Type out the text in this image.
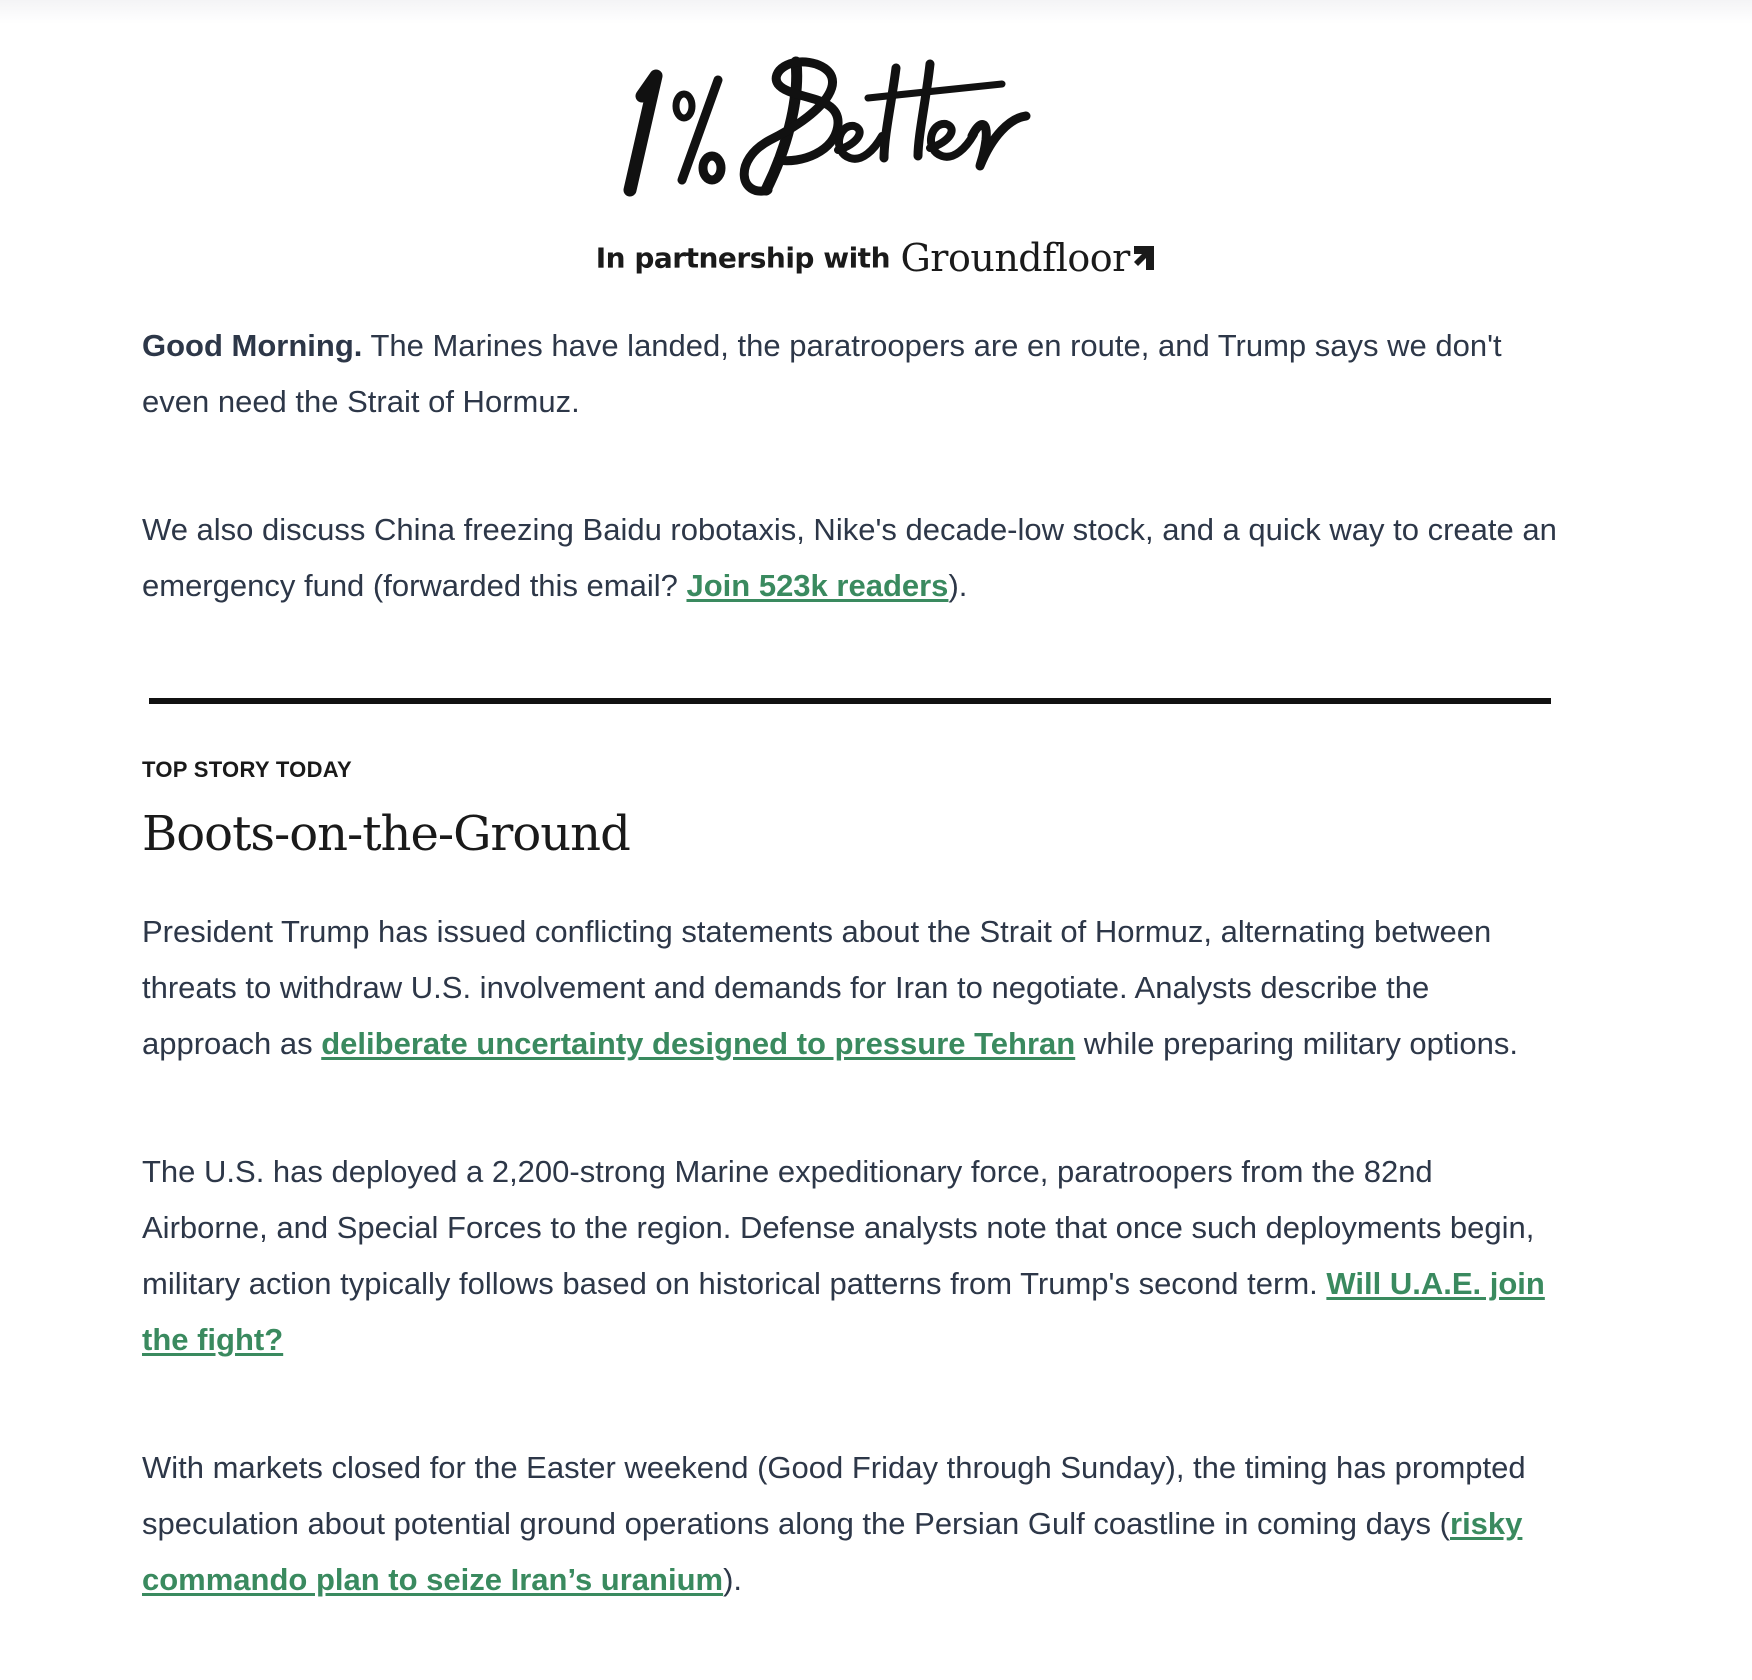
In partnership with Groundfloor

Good Morning. The Marines have landed, the paratroopers are en route, and Trump says we don't even need the Strait of Hormuz.

We also discuss China freezing Baidu robotaxis, Nike's decade-low stock, and a quick way to create an emergency fund (forwarded this email? Join 523k readers).

TOP STORY TODAY
Boots-on-the-Ground

President Trump has issued conflicting statements about the Strait of Hormuz, alternating between threats to withdraw U.S. involvement and demands for Iran to negotiate. Analysts describe the approach as deliberate uncertainty designed to pressure Tehran while preparing military options.

The U.S. has deployed a 2,200-strong Marine expeditionary force, paratroopers from the 82nd Airborne, and Special Forces to the region. Defense analysts note that once such deployments begin, military action typically follows based on historical patterns from Trump's second term. Will U.A.E. join the fight?

With markets closed for the Easter weekend (Good Friday through Sunday), the timing has prompted speculation about potential ground operations along the Persian Gulf coastline in coming days (risky commando plan to seize Iran’s uranium).
